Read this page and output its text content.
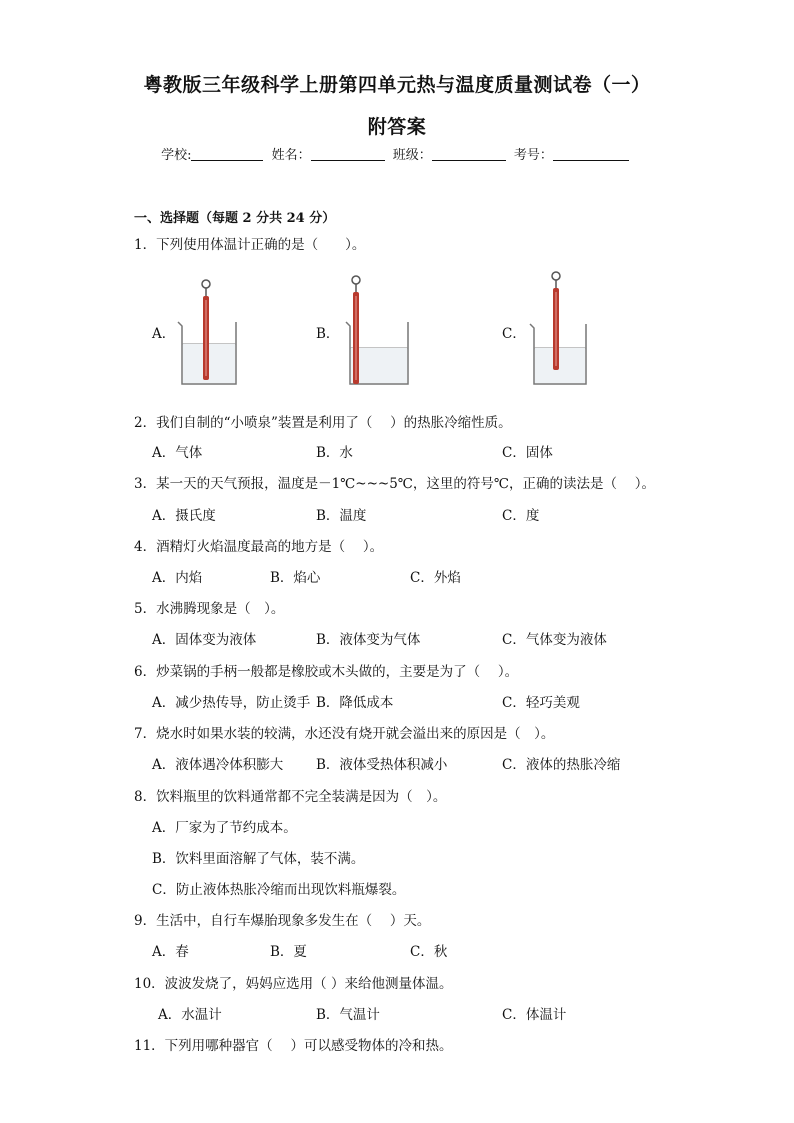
粤教版三年级科学上册第四单元热与温度质量测试卷（一）
附答案
学校:	姓名：	班级：	考号：
一、选择题（每题 2 分共 24 分）
1．下列使用体温计正确的是（　　）。
A．	B．	C．
2．我们自制的“小喷泉”装置是利用了（　 ）的热胀冷缩性质。
A．气体	B．水	C．固体
3．某一天的天气预报，温度是－1℃~~~5℃，这里的符号℃，正确的读法是（　 ）。
A．摄氏度	B．温度	C．度
4．酒精灯火焰温度最高的地方是（　 ）。
A．内焰	B．焰心	C．外焰
5．水沸腾现象是（　）。
A．固体变为液体	B．液体变为气体	C．气体变为液体
6．炒菜锅的手柄一般都是橡胶或木头做的，主要是为了（　 ）。
A．减少热传导，防止烫手 B．降低成本	C．轻巧美观
7．烧水时如果水装的较满，水还没有烧开就会溢出来的原因是（　）。
A．液体遇冷体积膨大 B．液体受热体积减小	C．液体的热胀冷缩
8．饮料瓶里的饮料通常都不完全装满是因为（　）。
A．厂家为了节约成本。
B．饮料里面溶解了气体，装不满。
C．防止液体热胀冷缩而出现饮料瓶爆裂。
9．生活中，自行车爆胎现象多发生在（　 ）天。
A．春	B．夏	C．秋
10．波波发烧了，妈妈应选用（ ）来给他测量体温。
A．水温计	B．气温计	C．体温计
11．下列用哪种器官（　 ）可以感受物体的冷和热。
